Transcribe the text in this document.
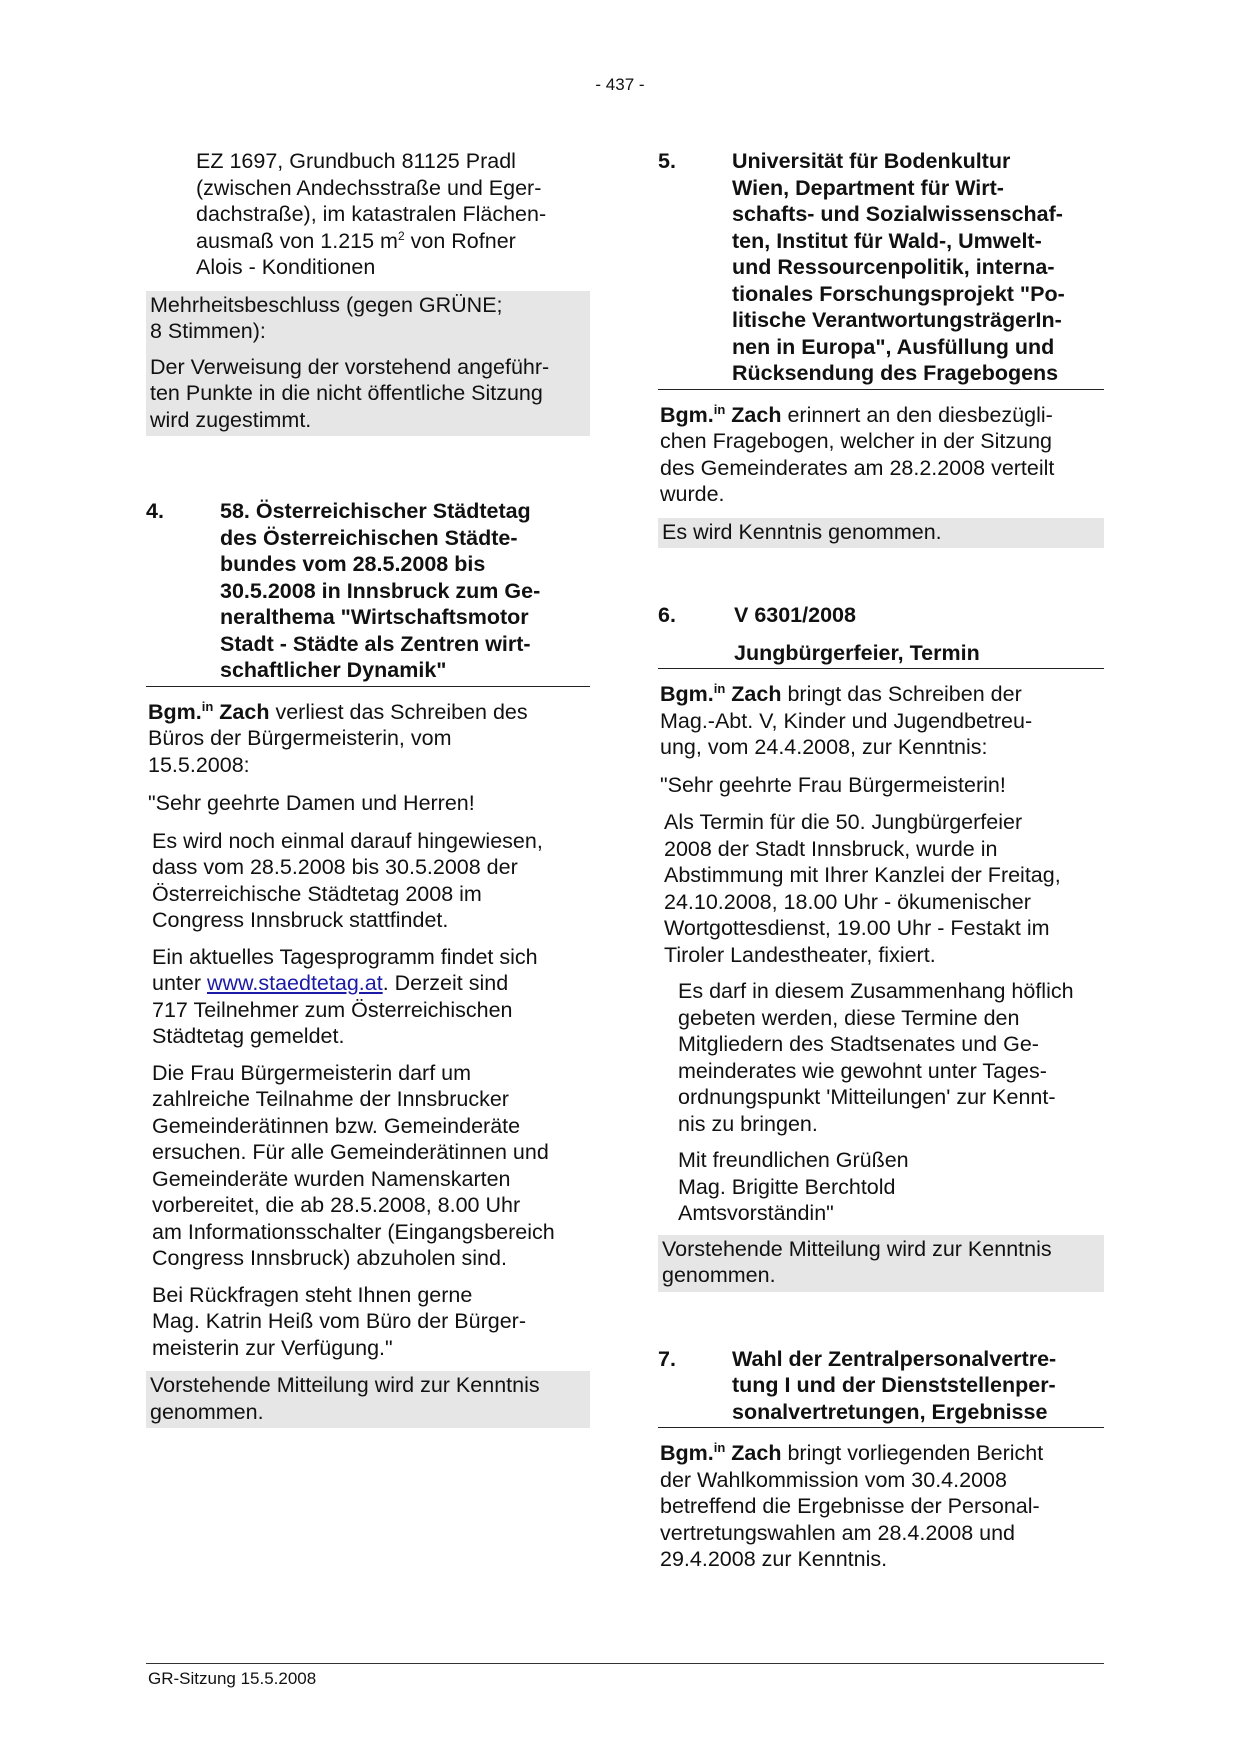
- 437 -

EZ 1697, Grundbuch 81125 Pradl

(zwischen Andechsstraße und Eger-

dachstraße), im katastralen Flächen-

ausmaß von 1.215 $m^2$ von Rofner

Alois - Konditionen

Mehrheitsbeschluss (gegen GRÜNE;
8 Stimmen):

Der Verweisung der vorstehend angeführ-
ten Punkte in die nicht öffentliche Sitzung
wird zugestimmt.

4.	58. Österreichischer Städtetag
des Österreichischen Städte-
bundes vom 28.5.2008 bis
30.5.2008 in Innsbruck zum Ge-
neralthema "Wirtschaftsmotor
Stadt - Städte als Zentren wirt-
schaftlicher Dynamik"

Bgm.$^{in}$ Zach verliest das Schreiben des
Büros der Bürgermeisterin, vom
15.5.2008:

"Sehr geehrte Damen und Herren!

Es wird noch einmal darauf hingewiesen,
dass vom 28.5.2008 bis 30.5.2008 der
Österreichische Städtetag 2008 im
Congress Innsbruck stattfindet.

Ein aktuelles Tagesprogramm findet sich
unter www.staedtetag.at. Derzeit sind
717 Teilnehmer zum Österreichischen
Städtetag gemeldet.

Die Frau Bürgermeisterin darf um
zahlreiche Teilnahme der Innsbrucker
Gemeinderätinnen bzw. Gemeinderäte
ersuchen. Für alle Gemeinderätinnen und
Gemeinderäte wurden Namenskarten
vorbereitet, die ab 28.5.2008, 8.00 Uhr
am Informationsschalter (Eingangsbereich
Congress Innsbruck) abzuholen sind.

Bei Rückfragen steht Ihnen gerne
Mag. Katrin Heiß vom Büro der Bürger-
meisterin zur Verfügung."

Vorstehende Mitteilung wird zur Kenntnis
genommen.

5.	Universität für Bodenkultur
Wien, Department für Wirt-
schafts- und Sozialwissenschaf-
ten, Institut für Wald-, Umwelt-
und Ressourcenpolitik, interna-
tionales Forschungsprojekt "Po-
litische VerantwortungsträgerIn-
nen in Europa", Ausfüllung und
Rücksendung des Fragebogens

Bgm.$^{in}$ Zach erinnert an den diesbezügli-
chen Fragebogen, welcher in der Sitzung
des Gemeinderates am 28.2.2008 verteilt
wurde.

Es wird Kenntnis genommen.

6.	V 6301/2008
Jungbürgerfeier, Termin

Bgm.$^{in}$ Zach bringt das Schreiben der
Mag.-Abt. V, Kinder und Jugendbetreu-
ung, vom 24.4.2008, zur Kenntnis:

"Sehr geehrte Frau Bürgermeisterin!

Als Termin für die 50. Jungbürgerfeier
2008 der Stadt Innsbruck, wurde in
Abstimmung mit Ihrer Kanzlei der Freitag,
24.10.2008, 18.00 Uhr - ökumenischer
Wortgottesdienst, 19.00 Uhr - Festakt im
Tiroler Landestheater, fixiert.

Es darf in diesem Zusammenhang höflich
gebeten werden, diese Termine den
Mitgliedern des Stadtsenates und Ge-
meinderates wie gewohnt unter Tages-
ordnungspunkt 'Mitteilungen' zur Kennt-
nis zu bringen.

Mit freundlichen Grüßen
Mag. Brigitte Berchtold
Amtsvorständin"

Vorstehende Mitteilung wird zur Kenntnis
genommen.

7.	Wahl der Zentralpersonalvertre-
tung I und der Dienststellenper-
sonalvertretungen, Ergebnisse

Bgm.$^{in}$ Zach bringt vorliegenden Bericht
der Wahlkommission vom 30.4.2008
betreffend die Ergebnisse der Personal-
vertretungswahlen am 28.4.2008 und
29.4.2008 zur Kenntnis.

GR-Sitzung 15.5.2008
